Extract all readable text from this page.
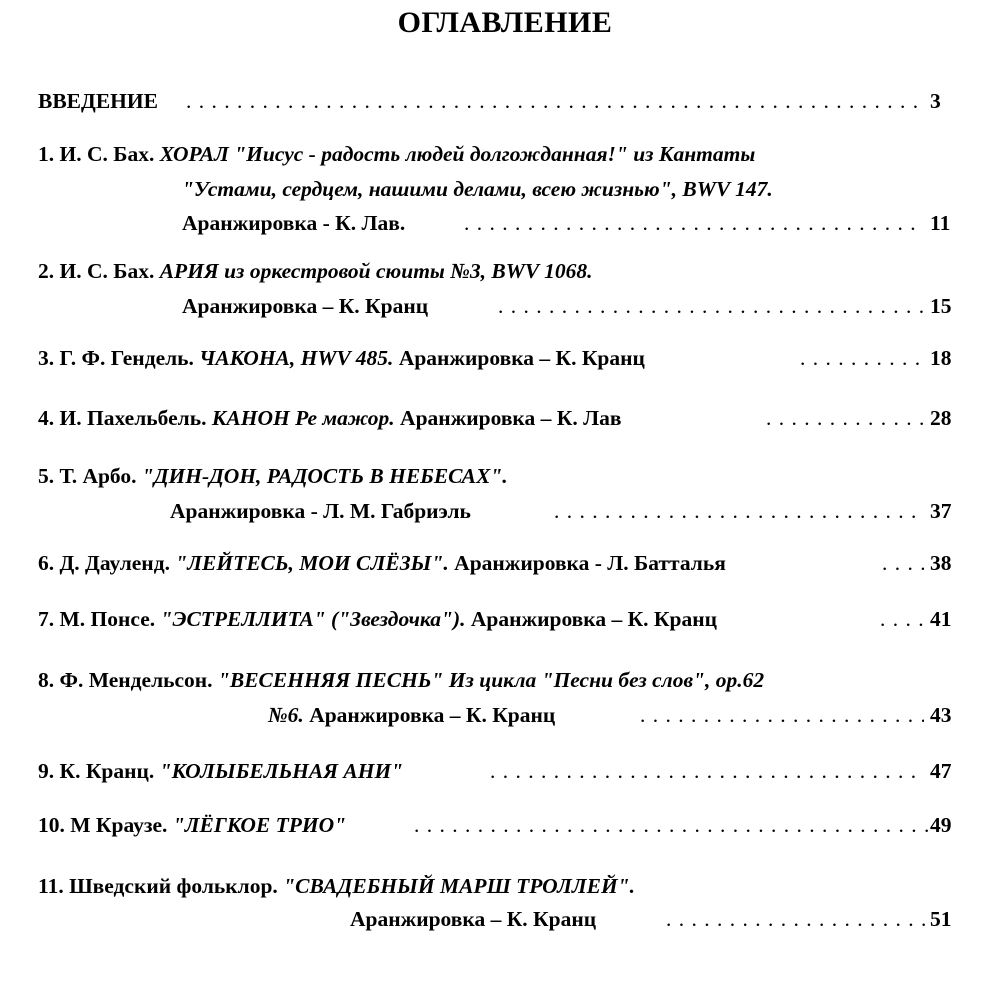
ОГЛАВЛЕНИЕ
ВВЕДЕНИЕ . . .	3
1. И. С. Бах. ХОРАЛ "Иисус - радость людей долгожданная!" из Кантаты
"Устами, сердцем, нашими делами, всею жизнью", BWV 147.
Аранжировка - К. Лав. . . .	11
2. И. С. Бах. АРИЯ из оркестровой сюиты №3, BWV 1068.
Аранжировка – К. Кранц . . .	15
3. Г. Ф. Гендель. ЧАКОНА, HWV 485. Аранжировка – К. Кранц . . .	18
4. И. Пахельбель. КАНОН Ре мажор. Аранжировка – К. Лав . . .	28
5. Т. Арбо. "ДИН-ДОН, РАДОСТЬ В НЕБЕСАХ".
Аранжировка - Л. М. Габриэль . . .	37
6. Д. Дауленд. "ЛЕЙТЕСЬ, МОИ СЛЁЗЫ". Аранжировка - Л. Батталья . . .	38
7. М. Понсе. "ЭСТРЕЛЛИТА" ("Звездочка"). Аранжировка – К. Кранц . . .	41
8. Ф. Мендельсон. "ВЕСЕННЯЯ ПЕСНЬ" Из цикла "Песни без слов", ор.62
№6. Аранжировка – К. Кранц . . .	43
9. К. Кранц. "КОЛЫБЕЛЬНАЯ АНИ" . . .	47
10. М Краузе. "ЛЁГКОЕ ТРИО" . . .	49
11. Шведский фольклор. "СВАДЕБНЫЙ МАРШ ТРОЛЛЕЙ".
Аранжировка – К. Кранц . . .	51
